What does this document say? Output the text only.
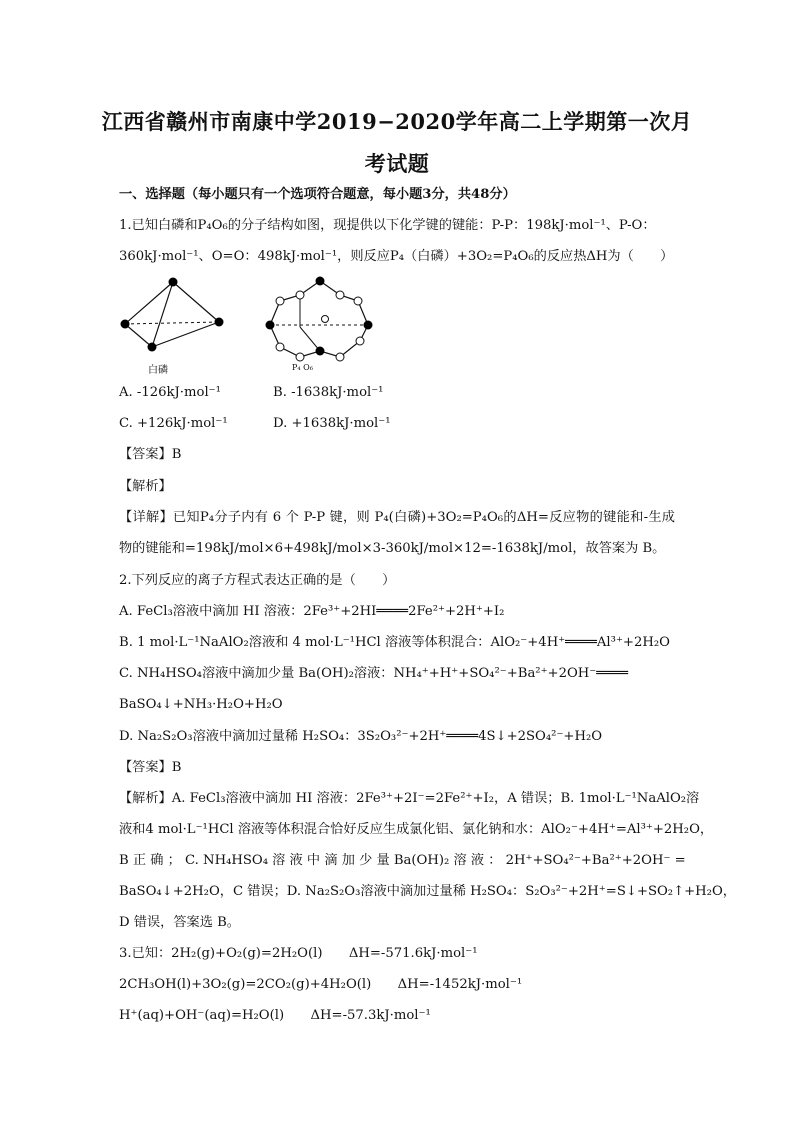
江西省赣州市南康中学2019−2020学年高二上学期第一次月
考试题
一、选择题（每小题只有一个选项符合题意，每小题3分，共48分）
1.已知白磷和P₄O₆的分子结构如图，现提供以下化学键的键能：P-P：198kJ·mol⁻¹、P-O：
360kJ·mol⁻¹、O=O：498kJ·mol⁻¹，则反应P₄（白磷）+3O₂=P₄O₆的反应热ΔH为（　　）
白磷	P₄ O₆
A. -126kJ·mol⁻¹	B. -1638kJ·mol⁻¹
C. +126kJ·mol⁻¹	D. +1638kJ·mol⁻¹
【答案】B
【解析】
【详解】已知P₄分子内有 6 个 P-P 键，则 P₄(白磷)+3O₂=P₄O₆的ΔH=反应物的键能和-生成
物的键能和=198kJ/mol×6+498kJ/mol×3-360kJ/mol×12=-1638kJ/mol，故答案为 B。
2.下列反应的离子方程式表达正确的是（　　）
A. FeCl₃溶液中滴加 HI 溶液：2Fe³⁺+2HI════2Fe²⁺+2H⁺+I₂
B. 1 mol·L⁻¹NaAlO₂溶液和 4 mol·L⁻¹HCl 溶液等体积混合：AlO₂⁻+4H⁺════Al³⁺+2H₂O
C. NH₄HSO₄溶液中滴加少量 Ba(OH)₂溶液：NH₄⁺+H⁺+SO₄²⁻+Ba²⁺+2OH⁻════
BaSO₄↓+NH₃·H₂O+H₂O
D. Na₂S₂O₃溶液中滴加过量稀 H₂SO₄：3S₂O₃²⁻+2H⁺════4S↓+2SO₄²⁻+H₂O
【答案】B
【解析】A. FeCl₃溶液中滴加 HI 溶液：2Fe³⁺+2I⁻=2Fe²⁺+I₂，A 错误；B. 1mol·L⁻¹NaAlO₂溶
液和4 mol·L⁻¹HCl 溶液等体积混合恰好反应生成氯化铝、氯化钠和水：AlO₂⁻+4H⁺=Al³⁺+2H₂O，
B 正 确 ； C. NH₄HSO₄ 溶 液 中 滴 加 少 量 Ba(OH)₂ 溶 液 ： 2H⁺+SO₄²⁻+Ba²⁺+2OH⁻ =
BaSO₄↓+2H₂O，C 错误；D. Na₂S₂O₃溶液中滴加过量稀 H₂SO₄：S₂O₃²⁻+2H⁺=S↓+SO₂↑+H₂O，
D 错误，答案选 B。
3.已知：2H₂(g)+O₂(g)=2H₂O(l)　　ΔH=-571.6kJ·mol⁻¹
2CH₃OH(l)+3O₂(g)=2CO₂(g)+4H₂O(l)　　ΔH=-1452kJ·mol⁻¹
H⁺(aq)+OH⁻(aq)=H₂O(l)　　ΔH=-57.3kJ·mol⁻¹
